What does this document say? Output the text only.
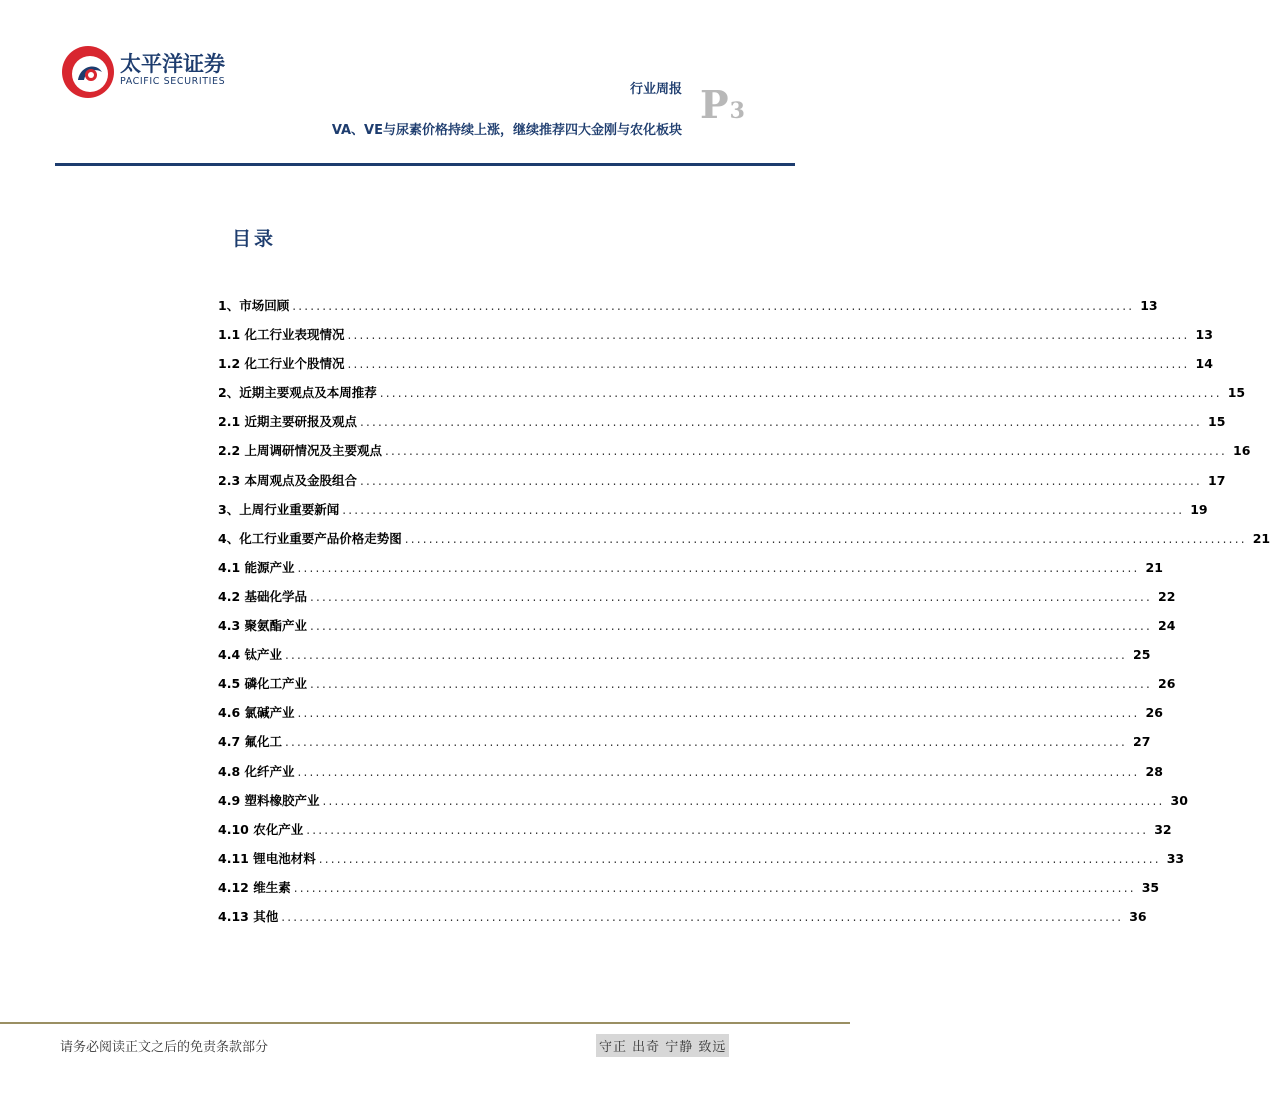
太平洋证券
PACIFIC SECURITIES
行业周报 P3
VA、VE与尿素价格持续上涨，继续推荐四大金刚与农化板块
目录
1、市场回顾 ............................................................................................................................................ 13
1.1 化工行业表现情况 ............................................................................................................................................ 13
1.2 化工行业个股情况 ............................................................................................................................................ 14
2、近期主要观点及本周推荐 ............................................................................................................................................ 15
2.1 近期主要研报及观点 ............................................................................................................................................ 15
2.2 上周调研情况及主要观点 ............................................................................................................................................ 16
2.3 本周观点及金股组合 ............................................................................................................................................ 17
3、上周行业重要新闻 ............................................................................................................................................ 19
4、化工行业重要产品价格走势图 ............................................................................................................................................ 21
4.1 能源产业 ............................................................................................................................................ 21
4.2 基础化学品 ............................................................................................................................................ 22
4.3 聚氨酯产业 ............................................................................................................................................ 24
4.4 钛产业 ............................................................................................................................................ 25
4.5 磷化工产业 ............................................................................................................................................ 26
4.6 氯碱产业 ............................................................................................................................................ 26
4.7 氟化工 ............................................................................................................................................ 27
4.8 化纤产业 ............................................................................................................................................ 28
4.9 塑料橡胶产业 ............................................................................................................................................ 30
4.10 农化产业 ............................................................................................................................................ 32
4.11 锂电池材料 ............................................................................................................................................ 33
4.12 维生素 ............................................................................................................................................ 35
4.13 其他 ............................................................................................................................................ 36
请务必阅读正文之后的免责条款部分	守正 出奇 宁静 致远
